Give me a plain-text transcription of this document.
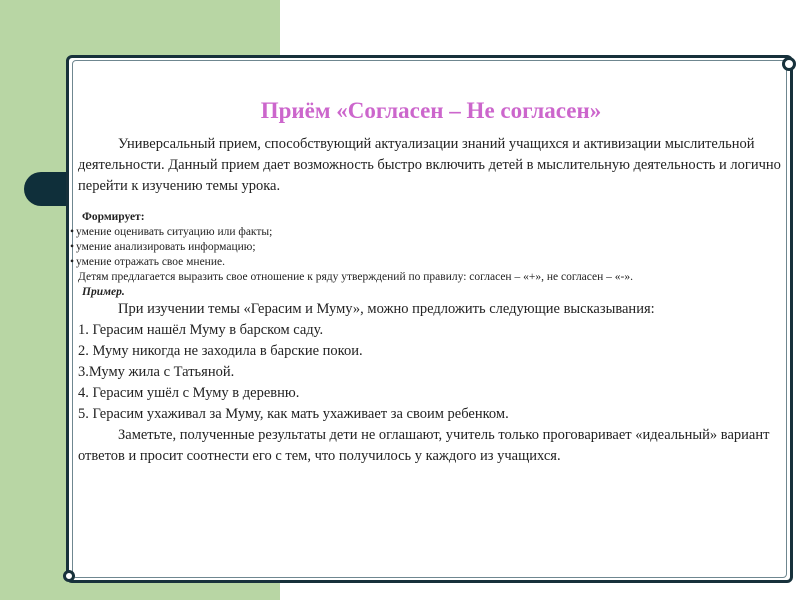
Приём «Согласен – Не согласен»

Универсальный прием, способствующий актуализации знаний учащихся и активизации мыслительной деятельности. Данный прием дает возможность быстро включить детей в мыслительную деятельность и логично перейти к изучению темы урока.

Формирует:

• умение оценивать ситуацию или факты;
• умение анализировать информацию;
• умение отражать свое мнение.

Детям предлагается выразить свое отношение к ряду утверждений по правилу: согласен – «+», не согласен – «-».

Пример.

При изучении темы «Герасим и Муму», можно предложить следующие высказывания:

1. Герасим нашёл Муму в барском саду.

2. Муму никогда не заходила в барские покои.

3.Муму жила с Татьяной.

4. Герасим ушёл с Муму в деревню.

5. Герасим ухаживал за Муму, как мать ухаживает за своим ребенком.

Заметьте, полученные результаты дети не оглашают, учитель только проговаривает «идеальный» вариант ответов и просит соотнести его с тем, что получилось у каждого из учащихся.
